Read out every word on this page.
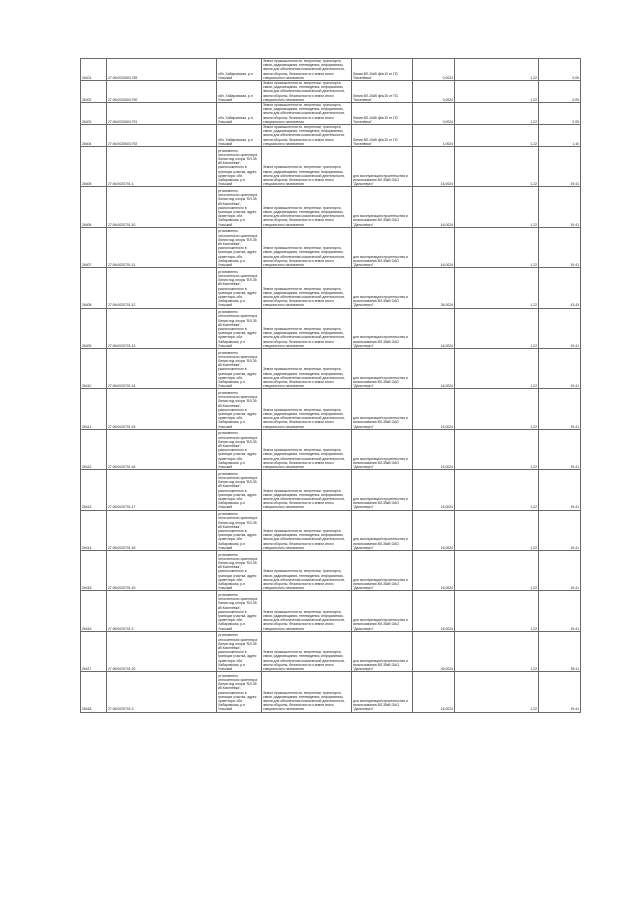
26401	27:06:0020603:789	обл. Хабаровская, р-н Ульчский	Земли промышленности, энергетики, транспорта, связи, радиовещания, телевидения, информатики, земли для обеспечения космической деятельности, земли обороны, безопасности и земли иного специального назначения	Линия ВЛ-10кВ ф№15 от ПС "Киселёвка"	0,0024	1,22	0,05
26402	27:06:0020603:790	обл. Хабаровская, р-н Ульчский	Земли промышленности, энергетики, транспорта, связи, радиовещания, телевидения, информатики, земли для обеспечения космической деятельности, земли обороны, безопасности и земли иного специального назначения	Линия ВЛ-10кВ ф№15 от ПС "Киселёвка"	0,0024	1,22	0,05
26403	27:06:0020603:791	обл. Хабаровская, р-н Ульчский	Земли промышленности, энергетики, транспорта, связи, радиовещания, телевидения, информатики, земли для обеспечения космической деятельности, земли обороны, безопасности и земли иного специального назначения	Линия ВЛ-10кВ ф№15 от ПС "Киселёвка"	0,0024	1,22	0,05
26404	27:06:0020603:792	обл. Хабаровская, р-н Ульчский	Земли промышленности, энергетики, транспорта, связи, радиовещания, телевидения, информатики, земли для обеспечения космической деятельности, земли обороны, безопасности и земли иного специального назначения	Линия ВЛ-10кВ ф№15 от ПС "Киселёвка"	1,0024	1,22	1,40
26405	27:06:0020701:1	установлено относительно ориентира Линия под опоры "ВЛ-35 кВ Киселёвка", расположенного в границах участка, адрес ориентира: обл. Хабаровская, р-н Ульчский	Земли промышленности, энергетики, транспорта, связи, радиовещания, телевидения, информатики, земли для обеспечения космической деятельности, земли обороны, безопасности и земли иного специального назначения	для эксплуатации/строительства и использования ВЛ-35кВ ОАО "Дальэнерго"	16,0024	1,22	19,41
26406	27:06:0020701:10	установлено относительно ориентира Линия под опоры "ВЛ-35 кВ Киселёвка", расположенного в границах участка, адрес ориентира: обл. Хабаровская, р-н Ульчский	Земли промышленности, энергетики, транспорта, связи, радиовещания, телевидения, информатики, земли для обеспечения космической деятельности, земли обороны, безопасности и земли иного специального назначения	для эксплуатации/строительства и использования ВЛ-35кВ ОАО "Дальэнерго"	16,0024	1,22	19,41
26407	27:06:0020701:11	установлено относительно ориентира Линия под опоры "ВЛ-35 кВ Киселёвка", расположенного в границах участка, адрес ориентира: обл. Хабаровская, р-н Ульчский	Земли промышленности, энергетики, транспорта, связи, радиовещания, телевидения, информатики, земли для обеспечения космической деятельности, земли обороны, безопасности и земли иного специального назначения	для эксплуатации/строительства и использования ВЛ-35кВ ОАО "Дальэнерго"	16,0024	1,22	19,41
26408	27:06:0020701:12	установлено относительно ориентира Линия под опоры "ВЛ-35 кВ Киселёвка", расположенного в границах участка, адрес ориентира: обл. Хабаровская, р-н Ульчский	Земли промышленности, энергетики, транспорта, связи, радиовещания, телевидения, информатики, земли для обеспечения космической деятельности, земли обороны, безопасности и земли иного специального назначения	для эксплуатации/строительства и использования ВЛ-35кВ ОАО "Дальэнерго"	36,0024	1,22	43,43
26409	27:06:0020701:13	установлено относительно ориентира Линия под опоры "ВЛ-35 кВ Киселёвка", расположенного в границах участка, адрес ориентира: обл. Хабаровская, р-н Ульчский	Земли промышленности, энергетики, транспорта, связи, радиовещания, телевидения, информатики, земли для обеспечения космической деятельности, земли обороны, безопасности и земли иного специального назначения	для эксплуатации/строительства и использования ВЛ-35кВ ОАО "Дальэнерго"	16,0024	1,22	19,41
26410	27:06:0020701:14	установлено относительно ориентира Линия под опоры "ВЛ-35 кВ Киселёвка", расположенного в границах участка, адрес ориентира: обл. Хабаровская, р-н Ульчский	Земли промышленности, энергетики, транспорта, связи, радиовещания, телевидения, информатики, земли для обеспечения космической деятельности, земли обороны, безопасности и земли иного специального назначения	для эксплуатации/строительства и использования ВЛ-35кВ ОАО "Дальэнерго"	16,0024	1,22	19,41
26411	27:06:0020701:15	установлено относительно ориентира Линия под опоры "ВЛ-35 кВ Киселёвка", расположенного в границах участка, адрес ориентира: обл. Хабаровская, р-н Ульчский	Земли промышленности, энергетики, транспорта, связи, радиовещания, телевидения, информатики, земли для обеспечения космической деятельности, земли обороны, безопасности и земли иного специального назначения	для эксплуатации/строительства и использования ВЛ-35кВ ОАО "Дальэнерго"	16,0024	1,22	19,41
26412	27:06:0020701:16	установлено относительно ориентира Линия под опоры "ВЛ-35 кВ Киселёвка", расположенного в границах участка, адрес ориентира: обл. Хабаровская, р-н Ульчский	Земли промышленности, энергетики, транспорта, связи, радиовещания, телевидения, информатики, земли для обеспечения космической деятельности, земли обороны, безопасности и земли иного специального назначения	для эксплуатации/строительства и использования ВЛ-35кВ ОАО "Дальэнерго"	16,0024	1,22	19,41
26413	27:06:0020701:17	установлено относительно ориентира Линия под опоры "ВЛ-35 кВ Киселёвка", расположенного в границах участка, адрес ориентира: обл. Хабаровская, р-н Ульчский	Земли промышленности, энергетики, транспорта, связи, радиовещания, телевидения, информатики, земли для обеспечения космической деятельности, земли обороны, безопасности и земли иного специального назначения	для эксплуатации/строительства и использования ВЛ-35кВ ОАО "Дальэнерго"	16,0024	1,22	19,41
26414	27:06:0020701:18	установлено относительно ориентира Линия под опоры "ВЛ-35 кВ Киселёвка", расположенного в границах участка, адрес ориентира: обл. Хабаровская, р-н Ульчский	Земли промышленности, энергетики, транспорта, связи, радиовещания, телевидения, информатики, земли для обеспечения космической деятельности, земли обороны, безопасности и земли иного специального назначения	для эксплуатации/строительства и использования ВЛ-35кВ ОАО "Дальэнерго"	16,0024	1,22	19,41
26415	27:06:0020701:19	установлено относительно ориентира Линия под опоры "ВЛ-35 кВ Киселёвка", расположенного в границах участка, адрес ориентира: обл. Хабаровская, р-н Ульчский	Земли промышленности, энергетики, транспорта, связи, радиовещания, телевидения, информатики, земли для обеспечения космической деятельности, земли обороны, безопасности и земли иного специального назначения	для эксплуатации/строительства и использования ВЛ-35кВ ОАО "Дальэнерго"	16,0024	1,22	19,41
26416	27:06:0020701:2	установлено относительно ориентира Линия под опоры "ВЛ-35 кВ Киселёвка", расположенного в границах участка, адрес ориентира: обл. Хабаровская, р-н Ульчский	Земли промышленности, энергетики, транспорта, связи, радиовещания, телевидения, информатики, земли для обеспечения космической деятельности, земли обороны, безопасности и земли иного специального назначения	для эксплуатации/строительства и использования ВЛ-35кВ ОАО "Дальэнерго"	16,0024	1,22	19,41
26417	27:06:0020701:20	установлено относительно ориентира Линия под опоры "ВЛ-35 кВ Киселёвка", расположенного в границах участка, адрес ориентира: обл. Хабаровская, р-н Ульчский	Земли промышленности, энергетики, транспорта, связи, радиовещания, телевидения, информатики, земли для обеспечения космической деятельности, земли обороны, безопасности и земли иного специального назначения	для эксплуатации/строительства и использования ВЛ-35кВ ОАО "Дальэнерго"	49,0024	1,22	59,11
26418	27:06:0020701:3	установлено относительно ориентира Линия под опоры "ВЛ-35 кВ Киселёвка", расположенного в границах участка, адрес ориентира: обл. Хабаровская, р-н Ульчский	Земли промышленности, энергетики, транспорта, связи, радиовещания, телевидения, информатики, земли для обеспечения космической деятельности, земли обороны, безопасности и земли иного специального назначения	для эксплуатации/строительства и использования ВЛ-35кВ ОАО "Дальэнерго"	16,0024	1,22	19,41
